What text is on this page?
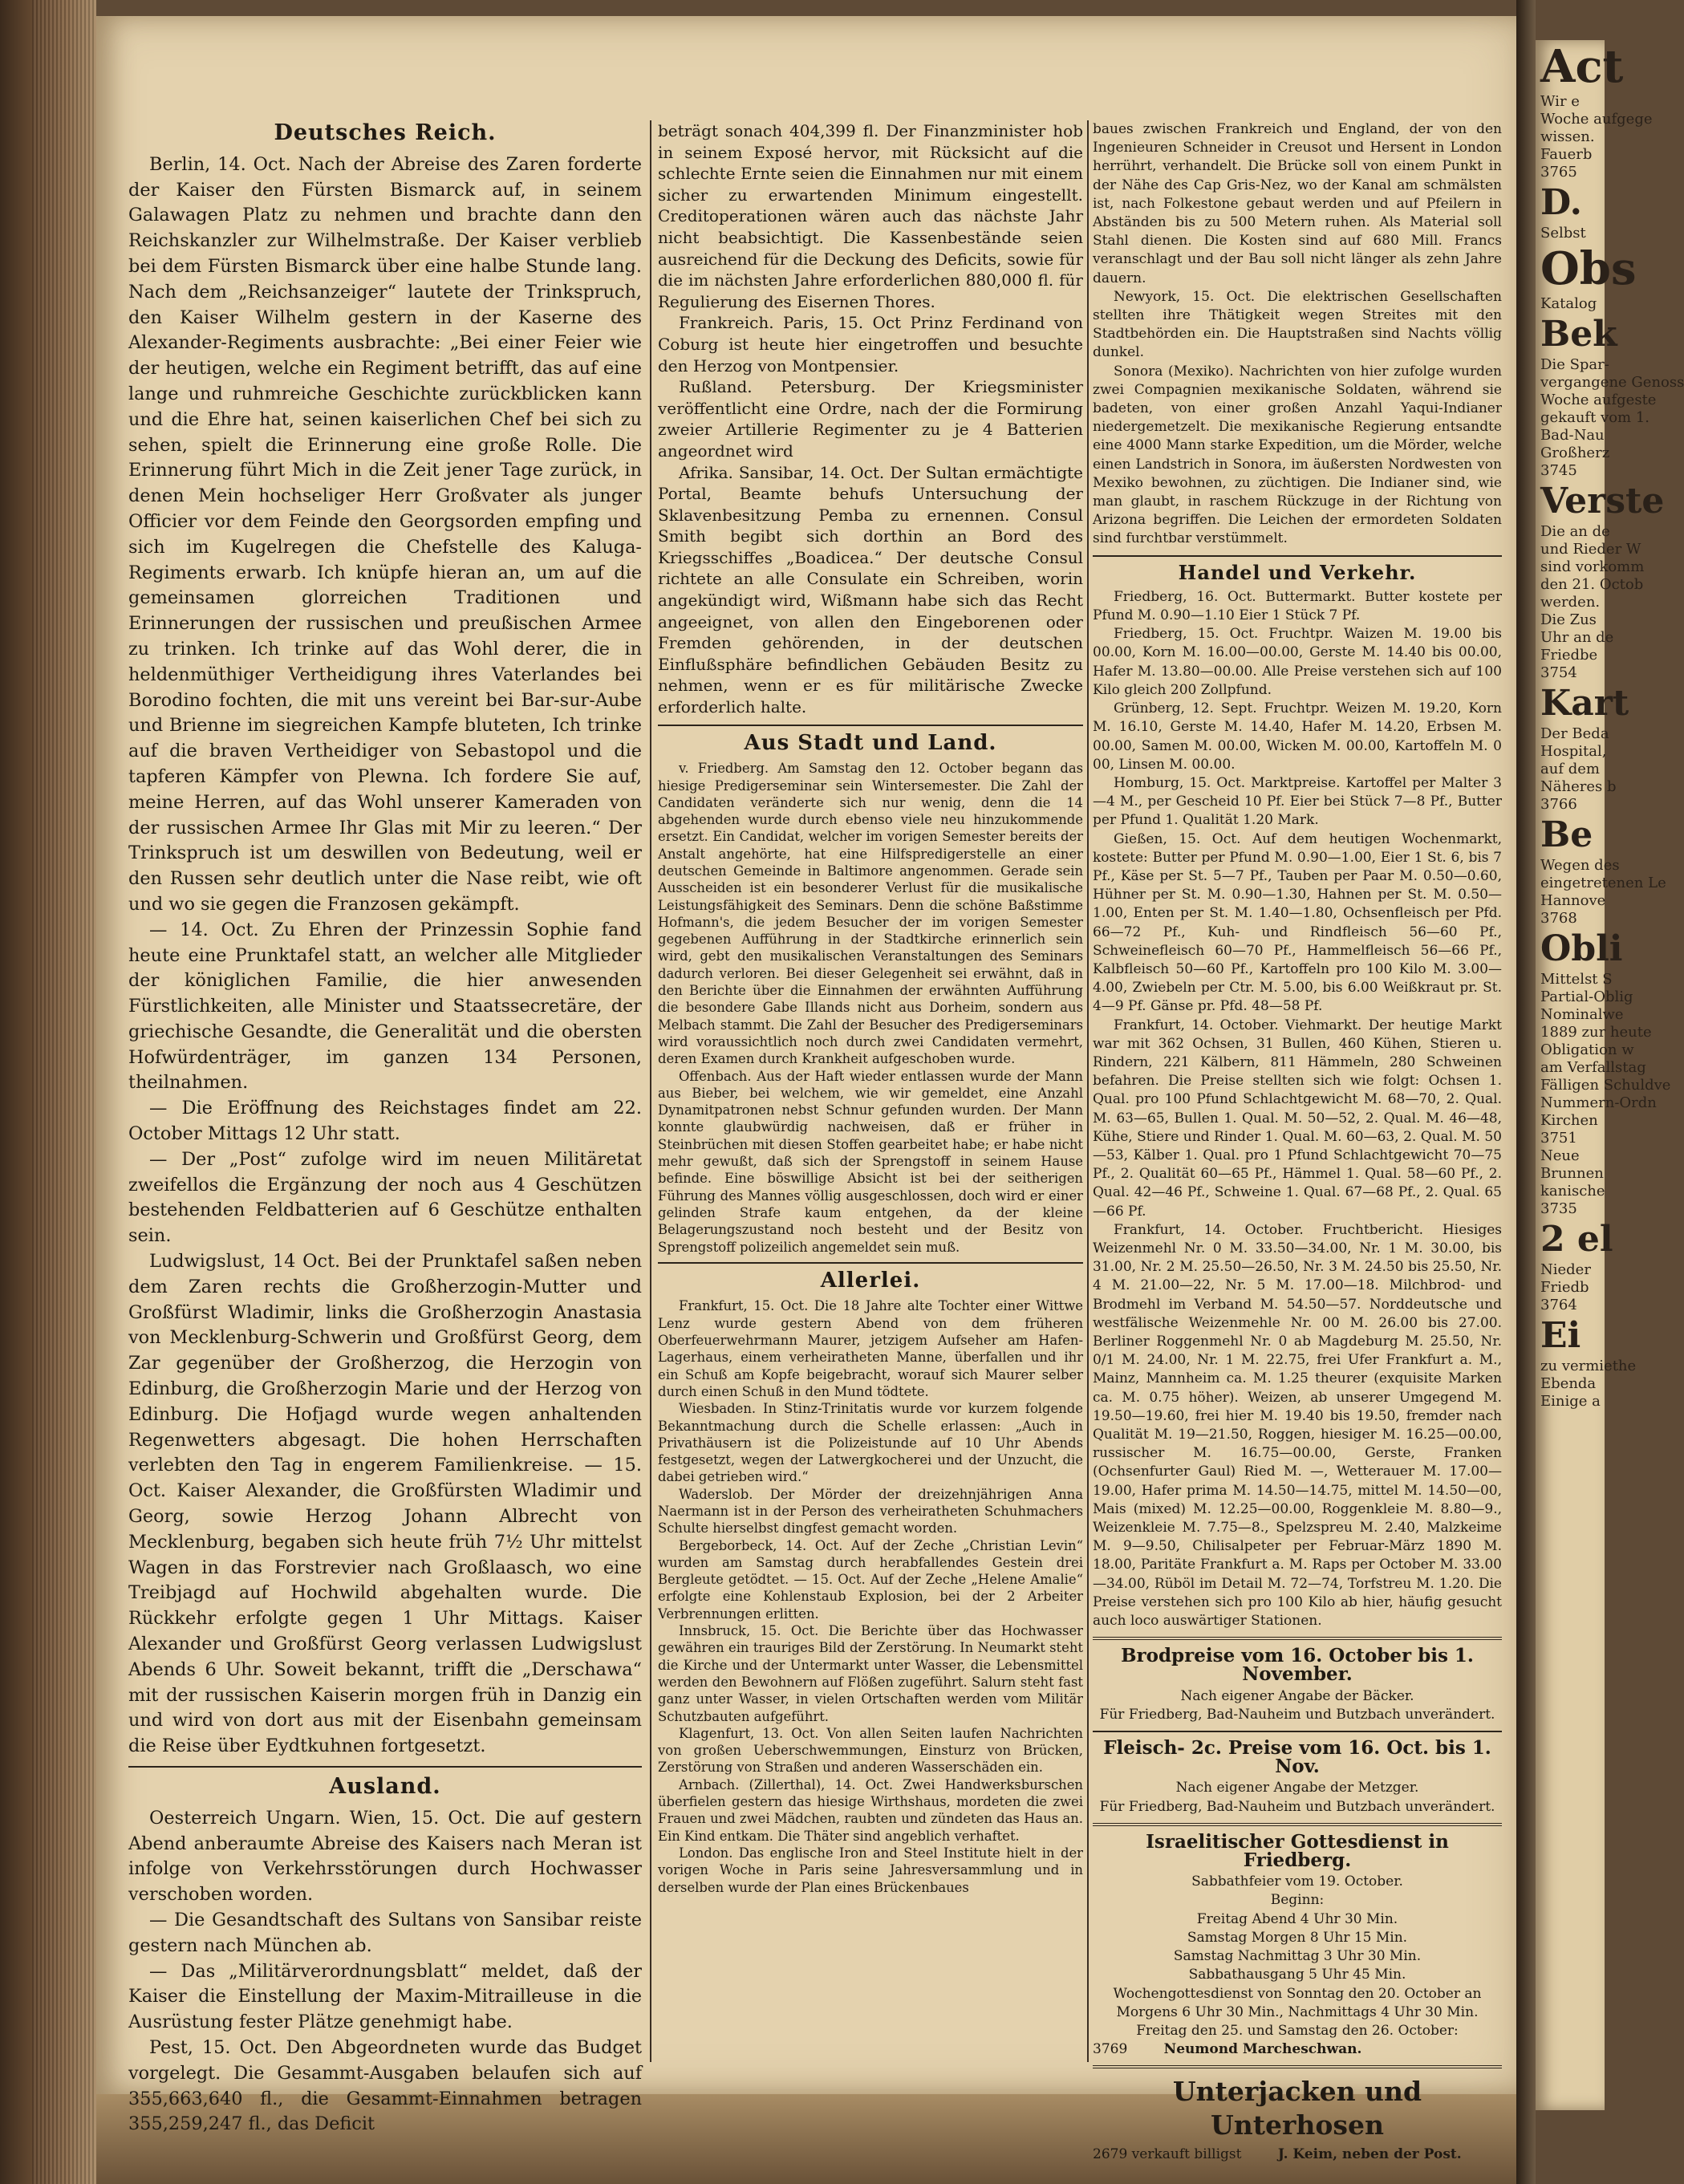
Deutsches Reich.

Berlin, 14. Oct. Nach der Abreise des Zaren forderte der Kaiser den Fürsten Bismarck auf, in seinem Galawagen Platz zu nehmen und brachte dann den Reichskanzler zur Wilhelmstraße. Der Kaiser verblieb bei dem Fürsten Bismarck über eine halbe Stunde lang. Nach dem „Reichsanzeiger“ lautete der Trinkspruch, den Kaiser Wilhelm gestern in der Kaserne des Alexander-Regiments ausbrachte: „Bei einer Feier wie der heutigen, welche ein Regiment betrifft, das auf eine lange und ruhmreiche Geschichte zurückblicken kann und die Ehre hat, seinen kaiserlichen Chef bei sich zu sehen, spielt die Erinnerung eine große Rolle. Die Erinnerung führt Mich in die Zeit jener Tage zurück, in denen Mein hochseliger Herr Großvater als junger Officier vor dem Feinde den Georgsorden empfing und sich im Kugelregen die Chefstelle des Kaluga-Regiments erwarb. Ich knüpfe hieran an, um auf die gemeinsamen glorreichen Traditionen und Erinnerungen der russischen und preußischen Armee zu trinken. Ich trinke auf das Wohl derer, die in heldenmüthiger Vertheidigung ihres Vaterlandes bei Borodino fochten, die mit uns vereint bei Bar-sur-Aube und Brienne im siegreichen Kampfe bluteten, Ich trinke auf die braven Vertheidiger von Sebastopol und die tapferen Kämpfer von Plewna. Ich fordere Sie auf, meine Herren, auf das Wohl unserer Kameraden von der russischen Armee Ihr Glas mit Mir zu leeren.“ Der Trinkspruch ist um deswillen von Bedeutung, weil er den Russen sehr deutlich unter die Nase reibt, wie oft und wo sie gegen die Franzosen gekämpft.

— 14. Oct. Zu Ehren der Prinzessin Sophie fand heute eine Prunktafel statt, an welcher alle Mitglieder der königlichen Familie, die hier anwesenden Fürstlichkeiten, alle Minister und Staatssecretäre, der griechische Gesandte, die Generalität und die obersten Hofwürdenträger, im ganzen 134 Personen, theilnahmen.

— Die Eröffnung des Reichstages findet am 22. October Mittags 12 Uhr statt.

— Der „Post“ zufolge wird im neuen Militäretat zweifellos die Ergänzung der noch aus 4 Geschützen bestehenden Feldbatterien auf 6 Geschütze enthalten sein.

Ludwigslust, 14 Oct. Bei der Prunktafel saßen neben dem Zaren rechts die Großherzogin-Mutter und Großfürst Wladimir, links die Großherzogin Anastasia von Mecklenburg-Schwerin und Großfürst Georg, dem Zar gegenüber der Großherzog, die Herzogin von Edinburg, die Großherzogin Marie und der Herzog von Edinburg. Die Hofjagd wurde wegen anhaltenden Regenwetters abgesagt. Die hohen Herrschaften verlebten den Tag in engerem Familienkreise. — 15. Oct. Kaiser Alexander, die Großfürsten Wladimir und Georg, sowie Herzog Johann Albrecht von Mecklenburg, begaben sich heute früh 7½ Uhr mittelst Wagen in das Forstrevier nach Großlaasch, wo eine Treibjagd auf Hochwild abgehalten wurde. Die Rückkehr erfolgte gegen 1 Uhr Mittags. Kaiser Alexander und Großfürst Georg verlassen Ludwigslust Abends 6 Uhr. Soweit bekannt, trifft die „Derschawa“ mit der russischen Kaiserin morgen früh in Danzig ein und wird von dort aus mit der Eisenbahn gemeinsam die Reise über Eydtkuhnen fortgesetzt.

Ausland.

Oesterreich Ungarn. Wien, 15. Oct. Die auf gestern Abend anberaumte Abreise des Kaisers nach Meran ist infolge von Verkehrsstörungen durch Hochwasser verschoben worden.

— Die Gesandtschaft des Sultans von Sansibar reiste gestern nach München ab.

— Das „Militärverordnungsblatt“ meldet, daß der Kaiser die Einstellung der Maxim-Mitrailleuse in die Ausrüstung fester Plätze genehmigt habe.

Pest, 15. Oct. Den Abgeordneten wurde das Budget vorgelegt. Die Gesammt-Ausgaben belaufen sich auf 355,663,640 fl., die Gesammt-Einnahmen betragen 355,259,247 fl., das Deficit

beträgt sonach 404,399 fl. Der Finanzminister hob in seinem Exposé hervor, mit Rücksicht auf die schlechte Ernte seien die Einnahmen nur mit einem sicher zu erwartenden Minimum eingestellt. Creditoperationen wären auch das nächste Jahr nicht beabsichtigt. Die Kassenbestände seien ausreichend für die Deckung des Deficits, sowie für die im nächsten Jahre erforderlichen 880,000 fl. für Regulierung des Eisernen Thores.

Frankreich. Paris, 15. Oct Prinz Ferdinand von Coburg ist heute hier eingetroffen und besuchte den Herzog von Montpensier.

Rußland. Petersburg. Der Kriegsminister veröffentlicht eine Ordre, nach der die Formirung zweier Artillerie Regimenter zu je 4 Batterien angeordnet wird

Afrika. Sansibar, 14. Oct. Der Sultan ermächtigte Portal, Beamte behufs Untersuchung der Sklavenbesitzung Pemba zu ernennen. Consul Smith begibt sich dorthin an Bord des Kriegsschiffes „Boadicea.“ Der deutsche Consul richtete an alle Consulate ein Schreiben, worin angekündigt wird, Wißmann habe sich das Recht angeeignet, von allen den Eingeborenen oder Fremden gehörenden, in der deutschen Einflußsphäre befindlichen Gebäuden Besitz zu nehmen, wenn er es für militärische Zwecke erforderlich halte.

Aus Stadt und Land.

v. Friedberg. Am Samstag den 12. October begann das hiesige Predigerseminar sein Wintersemester. Die Zahl der Candidaten veränderte sich nur wenig, denn die 14 abgehenden wurde durch ebenso viele neu hinzukommende ersetzt. Ein Candidat, welcher im vorigen Semester bereits der Anstalt angehörte, hat eine Hilfspredigerstelle an einer deutschen Gemeinde in Baltimore angenommen. Gerade sein Ausscheiden ist ein besonderer Verlust für die musikalische Leistungsfähigkeit des Seminars. Denn die schöne Baßstimme Hofmann's, die jedem Besucher der im vorigen Semester gegebenen Aufführung in der Stadtkirche erinnerlich sein wird, gebt den musikalischen Veranstaltungen des Seminars dadurch verloren. Bei dieser Gelegenheit sei erwähnt, daß in den Berichte über die Einnahmen der erwähnten Aufführung die besondere Gabe Illands nicht aus Dorheim, sondern aus Melbach stammt. Die Zahl der Besucher des Predigerseminars wird voraussichtlich noch durch zwei Candidaten vermehrt, deren Examen durch Krankheit aufgeschoben wurde.

Offenbach. Aus der Haft wieder entlassen wurde der Mann aus Bieber, bei welchem, wie wir gemeldet, eine Anzahl Dynamitpatronen nebst Schnur gefunden wurden. Der Mann konnte glaubwürdig nachweisen, daß er früher in Steinbrüchen mit diesen Stoffen gearbeitet habe; er habe nicht mehr gewußt, daß sich der Sprengstoff in seinem Hause befinde. Eine böswillige Absicht ist bei der seitherigen Führung des Mannes völlig ausgeschlossen, doch wird er einer gelinden Strafe kaum entgehen, da der kleine Belagerungszustand noch besteht und der Besitz von Sprengstoff polizeilich angemeldet sein muß.

Allerlei.

Frankfurt, 15. Oct. Die 18 Jahre alte Tochter einer Wittwe Lenz wurde gestern Abend von dem früheren Oberfeuerwehrmann Maurer, jetzigem Aufseher am Hafen-Lagerhaus, einem verheiratheten Manne, überfallen und ihr ein Schuß am Kopfe beigebracht, worauf sich Maurer selber durch einen Schuß in den Mund tödtete.

Wiesbaden. In Stinz-Trinitatis wurde vor kurzem folgende Bekanntmachung durch die Schelle erlassen: „Auch in Privathäusern ist die Polizeistunde auf 10 Uhr Abends festgesetzt, wegen der Latwergkocherei und der Unzucht, die dabei getrieben wird.“

Waderslob. Der Mörder der dreizehnjährigen Anna Naermann ist in der Person des verheiratheten Schuhmachers Schulte hierselbst dingfest gemacht worden.

Bergeborbeck, 14. Oct. Auf der Zeche „Christian Levin“ wurden am Samstag durch herabfallendes Gestein drei Bergleute getödtet. — 15. Oct. Auf der Zeche „Helene Amalie“ erfolgte eine Kohlenstaub Explosion, bei der 2 Arbeiter Verbrennungen erlitten.

Innsbruck, 15. Oct. Die Berichte über das Hochwasser gewähren ein trauriges Bild der Zerstörung. In Neumarkt steht die Kirche und der Untermarkt unter Wasser, die Lebensmittel werden den Bewohnern auf Flößen zugeführt. Salurn steht fast ganz unter Wasser, in vielen Ortschaften werden vom Militär Schutzbauten aufgeführt.

Klagenfurt, 13. Oct. Von allen Seiten laufen Nachrichten von großen Ueberschwemmungen, Einsturz von Brücken, Zerstörung von Straßen und anderen Wasserschäden ein.

Arnbach. (Zillerthal), 14. Oct. Zwei Handwerksburschen überfielen gestern das hiesige Wirthshaus, mordeten die zwei Frauen und zwei Mädchen, raubten und zündeten das Haus an. Ein Kind entkam. Die Thäter sind angeblich verhaftet.

London. Das englische Iron and Steel Institute hielt in der vorigen Woche in Paris seine Jahresversammlung und in derselben wurde der Plan eines Brückenbaues

baues zwischen Frankreich und England, der von den Ingenieuren Schneider in Creusot und Hersent in London herrührt, verhandelt. Die Brücke soll von einem Punkt in der Nähe des Cap Gris-Nez, wo der Kanal am schmälsten ist, nach Folkestone gebaut werden und auf Pfeilern in Abständen bis zu 500 Metern ruhen. Als Material soll Stahl dienen. Die Kosten sind auf 680 Mill. Francs veranschlagt und der Bau soll nicht länger als zehn Jahre dauern.

Newyork, 15. Oct. Die elektrischen Gesellschaften stellten ihre Thätigkeit wegen Streites mit den Stadtbehörden ein. Die Hauptstraßen sind Nachts völlig dunkel.

Sonora (Mexiko). Nachrichten von hier zufolge wurden zwei Compagnien mexikanische Soldaten, während sie badeten, von einer großen Anzahl Yaqui-Indianer niedergemetzelt. Die mexikanische Regierung entsandte eine 4000 Mann starke Expedition, um die Mörder, welche einen Landstrich in Sonora, im äußersten Nordwesten von Mexiko bewohnen, zu züchtigen. Die Indianer sind, wie man glaubt, in raschem Rückzuge in der Richtung von Arizona begriffen. Die Leichen der ermordeten Soldaten sind furchtbar verstümmelt.

Handel und Verkehr.

Friedberg, 16. Oct. Buttermarkt. Butter kostete per Pfund M. 0.90—1.10 Eier 1 Stück 7 Pf.

Friedberg, 15. Oct. Fruchtpr. Waizen M. 19.00 bis 00.00, Korn M. 16.00—00.00, Gerste M. 14.40 bis 00.00, Hafer M. 13.80—00.00. Alle Preise verstehen sich auf 100 Kilo gleich 200 Zollpfund.

Grünberg, 12. Sept. Fruchtpr. Weizen M. 19.20, Korn M. 16.10, Gerste M. 14.40, Hafer M. 14.20, Erbsen M. 00.00, Samen M. 00.00, Wicken M. 00.00, Kartoffeln M. 0 00, Linsen M. 00.00.

Homburg, 15. Oct. Marktpreise. Kartoffel per Malter 3—4 M., per Gescheid 10 Pf. Eier bei Stück 7—8 Pf., Butter per Pfund 1. Qualität 1.20 Mark.

Gießen, 15. Oct. Auf dem heutigen Wochenmarkt, kostete: Butter per Pfund M. 0.90—1.00, Eier 1 St. 6, bis 7 Pf., Käse per St. 5—7 Pf., Tauben per Paar M. 0.50—0.60, Hühner per St. M. 0.90—1.30, Hahnen per St. M. 0.50—1.00, Enten per St. M. 1.40—1.80, Ochsenfleisch per Pfd. 66—72 Pf., Kuh- und Rindfleisch 56—60 Pf., Schweinefleisch 60—70 Pf., Hammelfleisch 56—66 Pf., Kalbfleisch 50—60 Pf., Kartoffeln pro 100 Kilo M. 3.00—4.00, Zwiebeln per Ctr. M. 5.00, bis 6.00 Weißkraut pr. St. 4—9 Pf. Gänse pr. Pfd. 48—58 Pf.

Frankfurt, 14. October. Viehmarkt. Der heutige Markt war mit 362 Ochsen, 31 Bullen, 460 Kühen, Stieren u. Rindern, 221 Kälbern, 811 Hämmeln, 280 Schweinen befahren. Die Preise stellten sich wie folgt: Ochsen 1. Qual. pro 100 Pfund Schlachtgewicht M. 68—70, 2. Qual. M. 63—65, Bullen 1. Qual. M. 50—52, 2. Qual. M. 46—48, Kühe, Stiere und Rinder 1. Qual. M. 60—63, 2. Qual. M. 50—53, Kälber 1. Qual. pro 1 Pfund Schlachtgewicht 70—75 Pf., 2. Qualität 60—65 Pf., Hämmel 1. Qual. 58—60 Pf., 2. Qual. 42—46 Pf., Schweine 1. Qual. 67—68 Pf., 2. Qual. 65—66 Pf.

Frankfurt, 14. October. Fruchtbericht. Hiesiges Weizenmehl Nr. 0 M. 33.50—34.00, Nr. 1 M. 30.00, bis 31.00, Nr. 2 M. 25.50—26.50, Nr. 3 M. 24.50 bis 25.50, Nr. 4 M. 21.00—22, Nr. 5 M. 17.00—18. Milchbrod- und Brodmehl im Verband M. 54.50—57. Norddeutsche und westfälische Weizenmehle Nr. 00 M. 26.00 bis 27.00. Berliner Roggenmehl Nr. 0 ab Magdeburg M. 25.50, Nr. 0/1 M. 24.00, Nr. 1 M. 22.75, frei Ufer Frankfurt a. M., Mainz, Mannheim ca. M. 1.25 theurer (exquisite Marken ca. M. 0.75 höher). Weizen, ab unserer Umgegend M. 19.50—19.60, frei hier M. 19.40 bis 19.50, fremder nach Qualität M. 19—21.50, Roggen, hiesiger M. 16.25—00.00, russischer M. 16.75—00.00, Gerste, Franken (Ochsenfurter Gaul) Ried M. —, Wetterauer M. 17.00—19.00, Hafer prima M. 14.50—14.75, mittel M. 14.50—00, Mais (mixed) M. 12.25—00.00, Roggenkleie M. 8.80—9., Weizenkleie M. 7.75—8., Spelzspreu M. 2.40, Malzkeime M. 9—9.50, Chilisalpeter per Februar-März 1890 M. 18.00, Paritäte Frankfurt a. M. Raps per October M. 33.00—34.00, Rüböl im Detail M. 72—74, Torfstreu M. 1.20. Die Preise verstehen sich pro 100 Kilo ab hier, häufig gesucht auch loco auswärtiger Stationen.

Brodpreise vom 16. October bis 1. November.
Nach eigener Angabe der Bäcker.
Für Friedberg, Bad-Nauheim und Butzbach unverändert.
Fleisch- 2c. Preise vom 16. Oct. bis 1. Nov.
Nach eigener Angabe der Metzger.
Für Friedberg, Bad-Nauheim und Butzbach unverändert.
Israelitischer Gottesdienst in Friedberg.
Sabbathfeier vom 19. October.
Beginn:
Freitag Abend 4 Uhr 30 Min.
Samstag Morgen 8 Uhr 15 Min.
Samstag Nachmittag 3 Uhr 30 Min.
Sabbathausgang 5 Uhr 45 Min.
Wochengottesdienst von Sonntag den 20. October an Morgens 6 Uhr 30 Min., Nachmittags 4 Uhr 30 Min.
Freitag den 25. und Samstag den 26. October:
3769	Neumond Marcheschwan.
Unterjacken und Unterhosen
2679 verkauft billigst	J. Keim, neben der Post.
Act
Wir e
Woche aufgege
wissen.
Fauerb
3765
D.
Selbst
Obs
Katalog
Bek
Die Spar-
vergangene Genoss
Woche aufgeste
gekauft vom 1.
Bad-Nau
Großherz
3745
Verste
Die an de
und Rieder W
sind vorkomm
den 21. Octob
werden.
Die Zus
Uhr an de
Friedbe
3754
Kart
Der Beda
Hospital,
auf dem
Näheres b
3766
Be
Wegen des
eingetretenen Le
Hannove
3768
Obli
Mittelst S
Partial-Oblig
Nominalwe
1889 zur heute
Obligation w
am Verfallstag
Fälligen Schuldve
Nummern-Ordn
Kirchen
3751
Neue
Brunnen
kanische
3735
2 el
Nieder
Friedb
3764
Ei
zu vermiethe
Ebenda
Einige a
